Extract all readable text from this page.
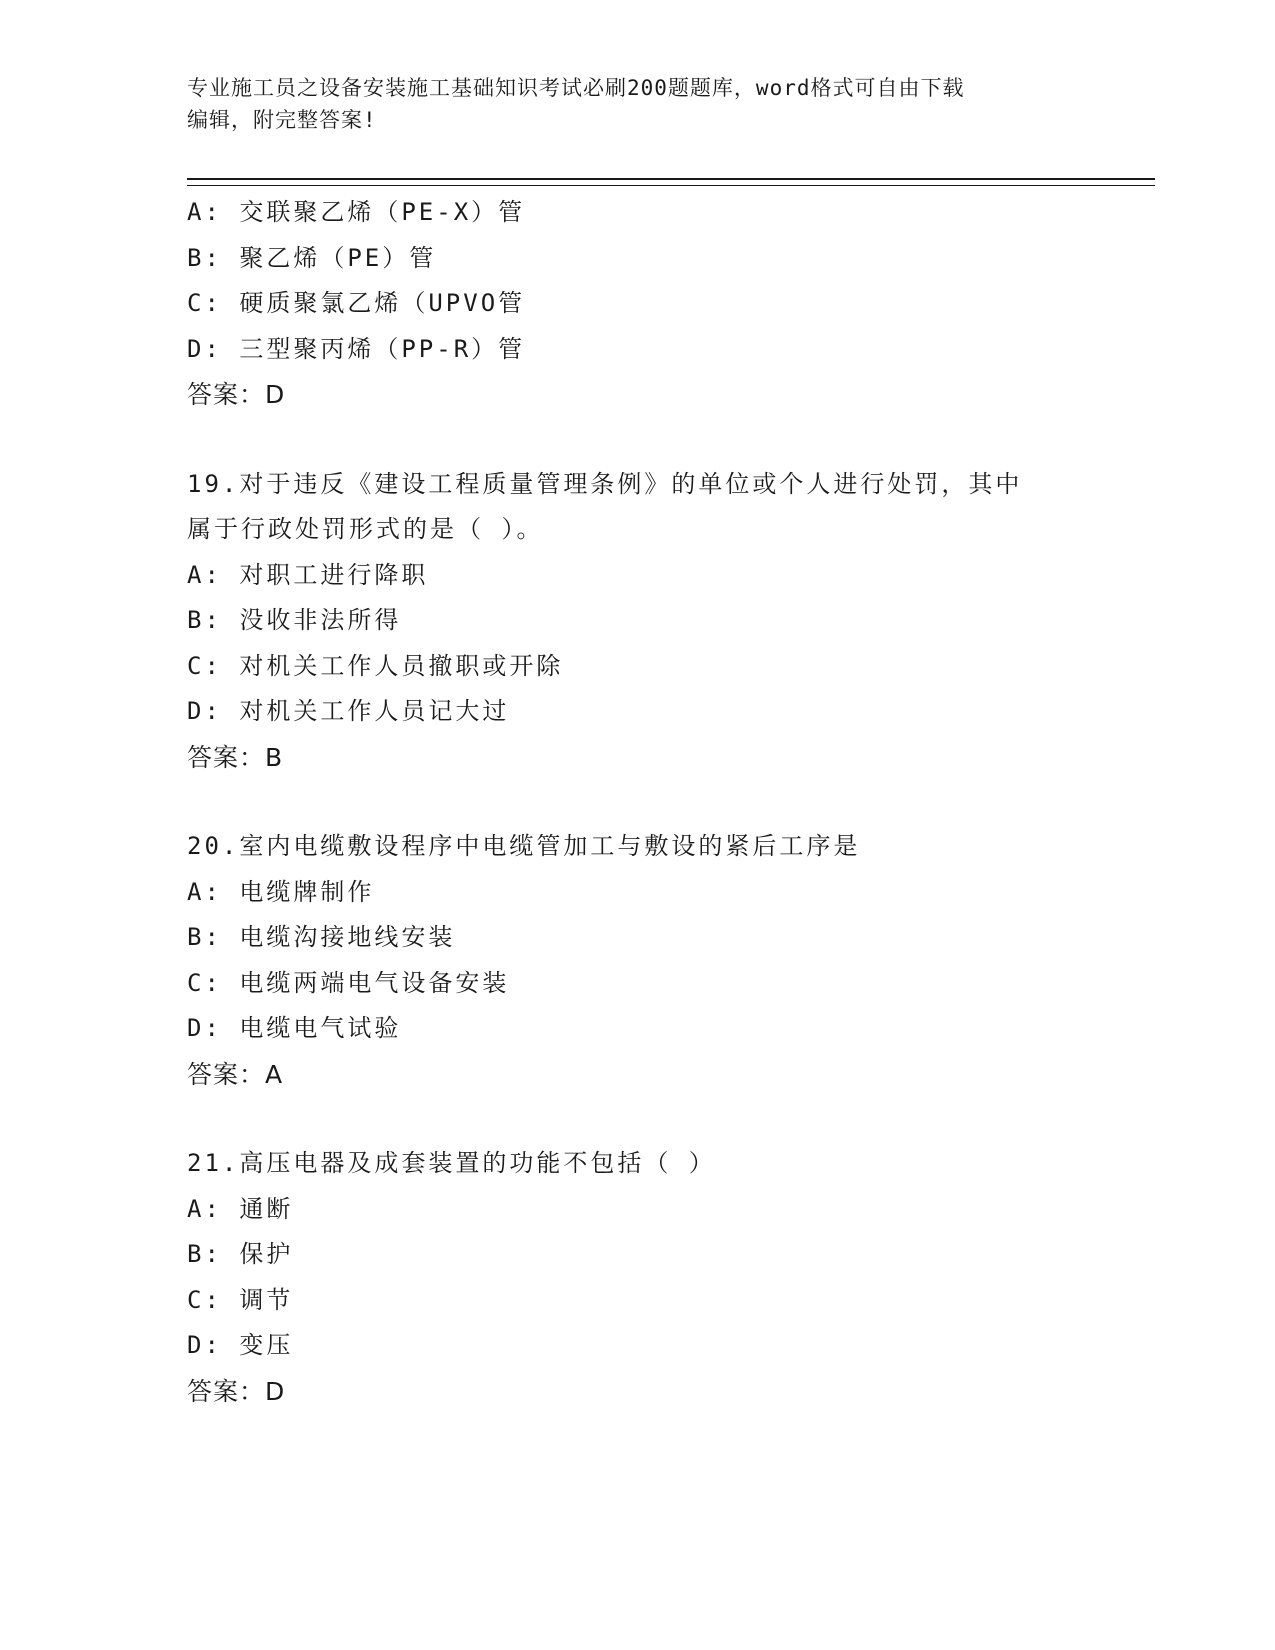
专业施工员之设备安装施工基础知识考试必刷200题题库，word格式可自由下载
编辑，附完整答案!
A: 交联聚乙烯（PE-X）管
B: 聚乙烯（PE）管
C: 硬质聚氯乙烯（UPVO管
D: 三型聚丙烯（PP-R）管
答案：D
19.对于违反《建设工程质量管理条例》的单位或个人进行处罚，其中
属于行政处罚形式的是（ ）。
A: 对职工进行降职
B: 没收非法所得
C: 对机关工作人员撤职或开除
D: 对机关工作人员记大过
答案：B
20.室内电缆敷设程序中电缆管加工与敷设的紧后工序是
A: 电缆牌制作
B: 电缆沟接地线安装
C: 电缆两端电气设备安装
D: 电缆电气试验
答案：A
21.高压电器及成套装置的功能不包括（ ）
A: 通断
B: 保护
C: 调节
D: 变压
答案：D
